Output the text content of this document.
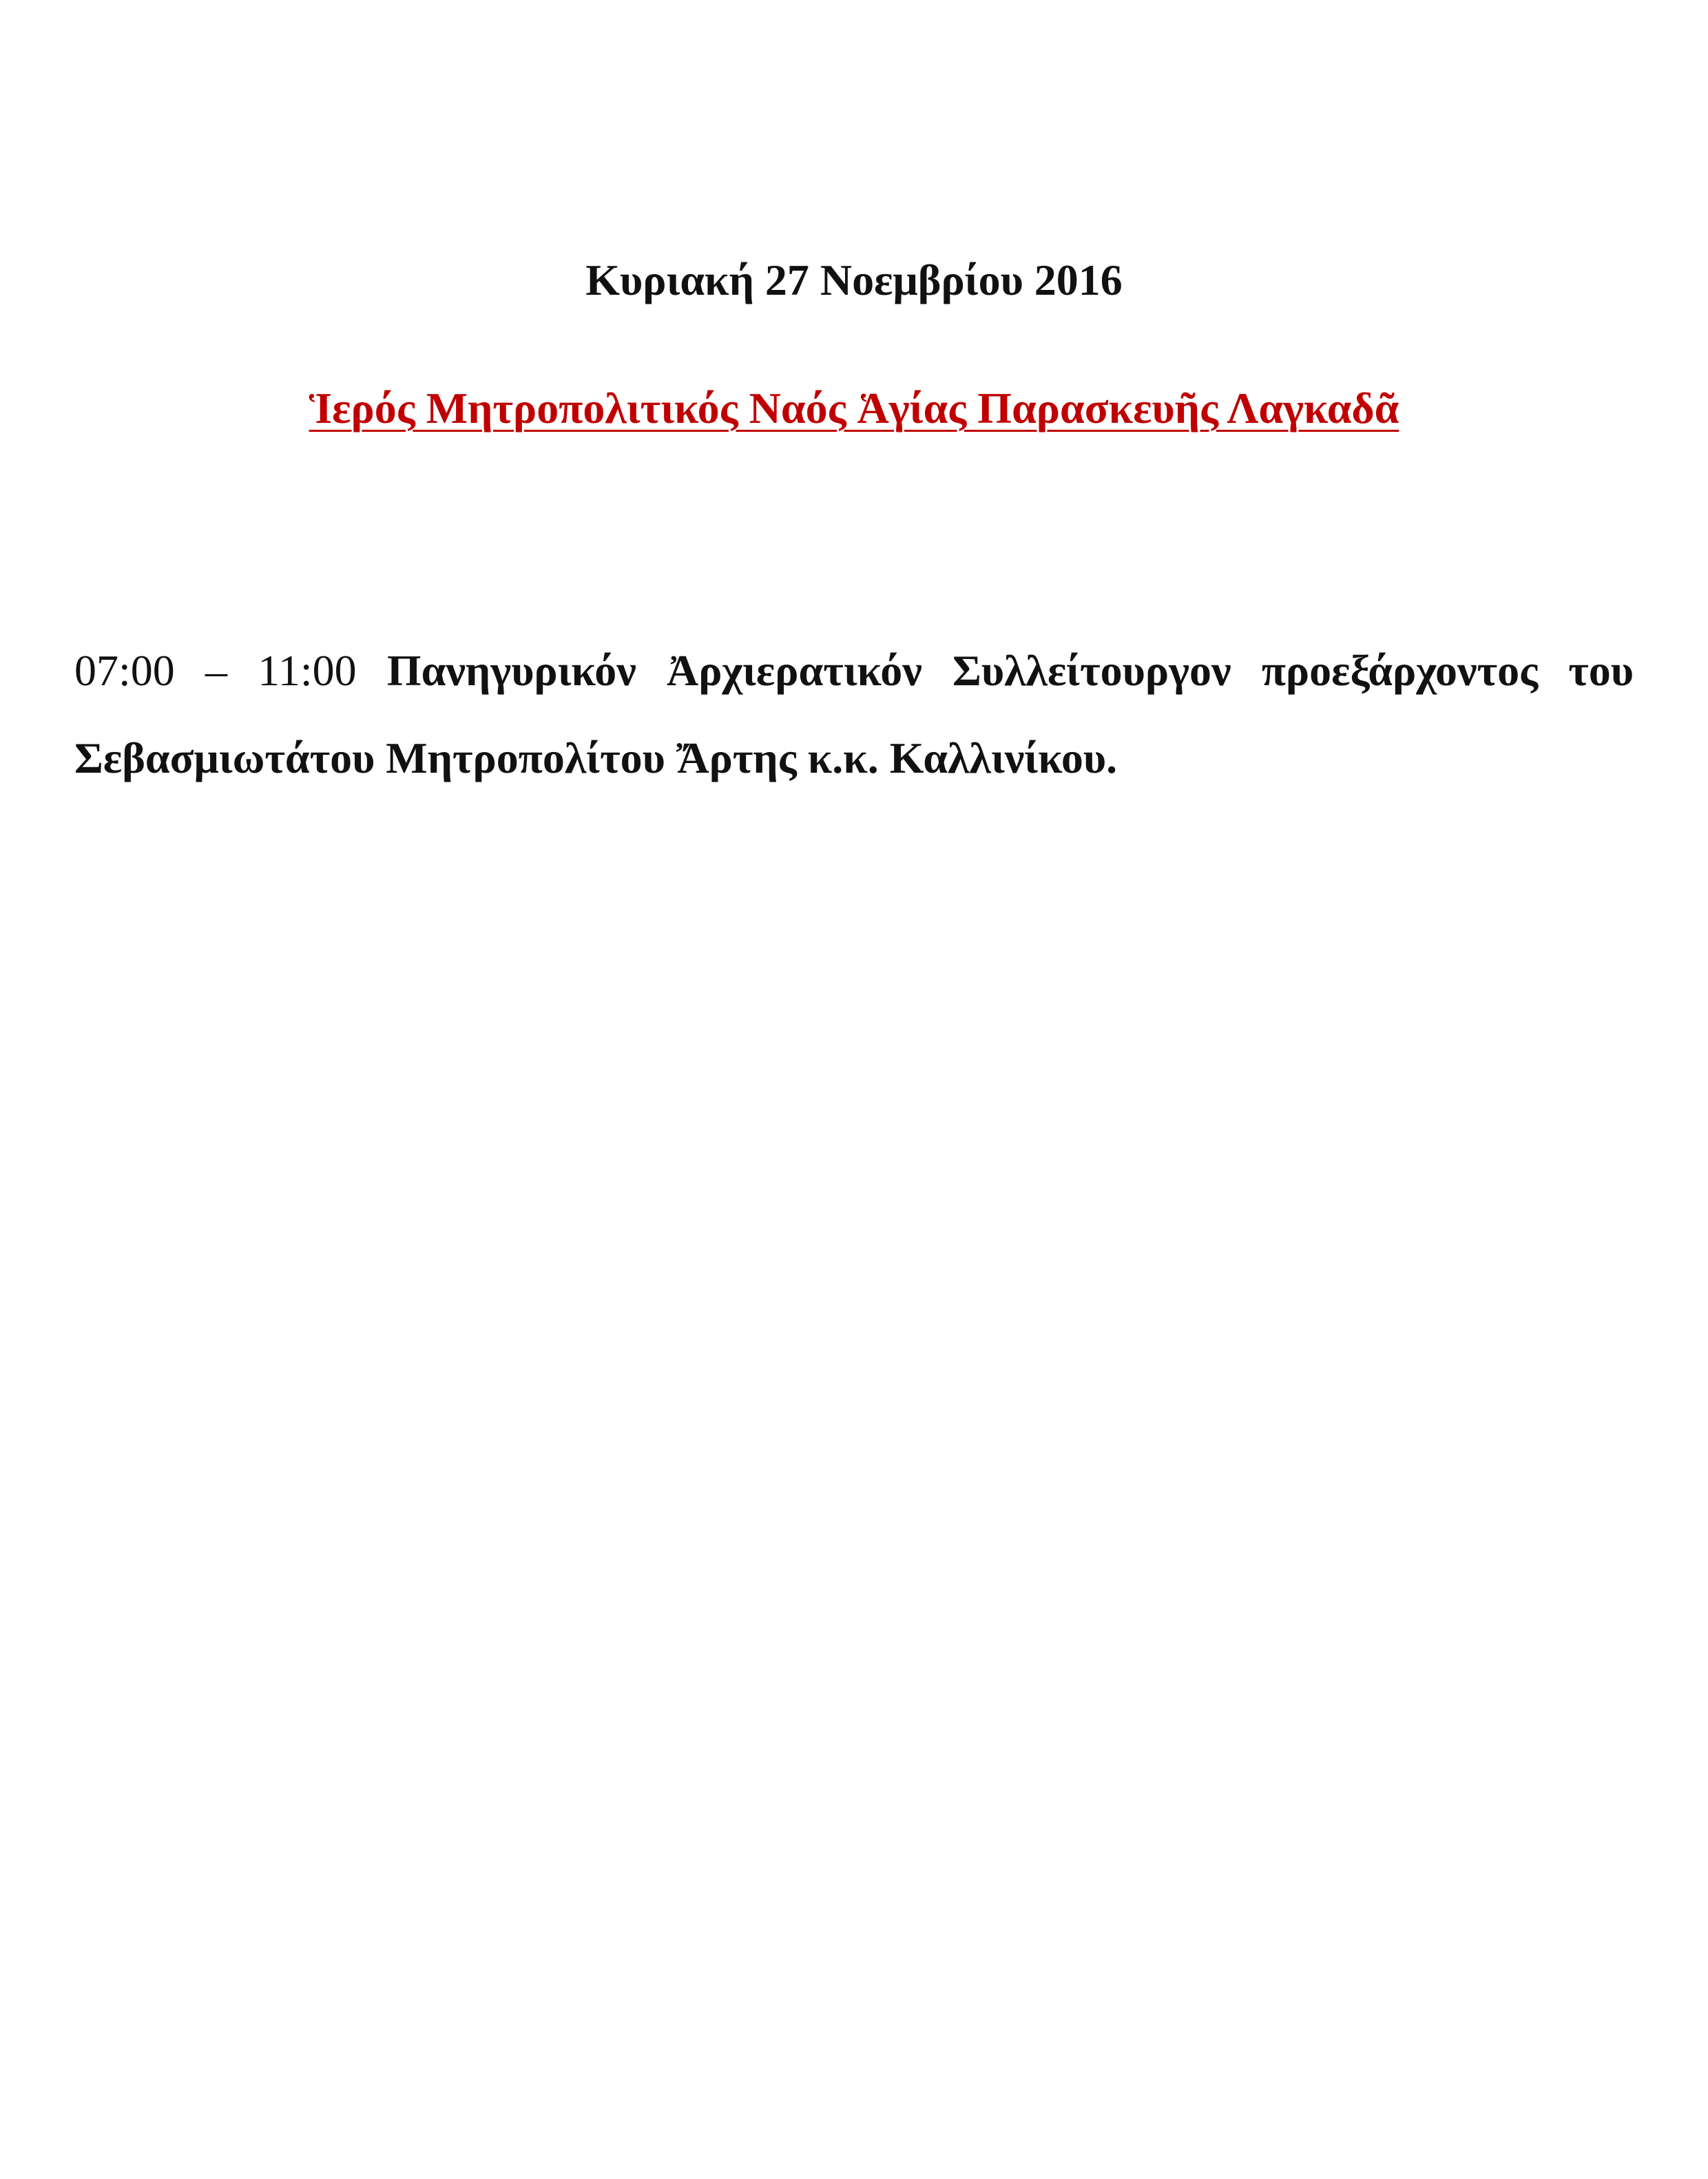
Κυριακή 27 Νοεμβρίου 2016
Ἱερός Μητροπολιτικός Ναός Ἁγίας Παρασκευῆς Λαγκαδᾶ

07:00 – 11:00 Πανηγυρικόν Ἀρχιερατικόν Συλλείτουργον προεξάρχοντος του Σεβασμιωτάτου Μητροπολίτου Ἄρτης κ.κ. Καλλινίκου.
